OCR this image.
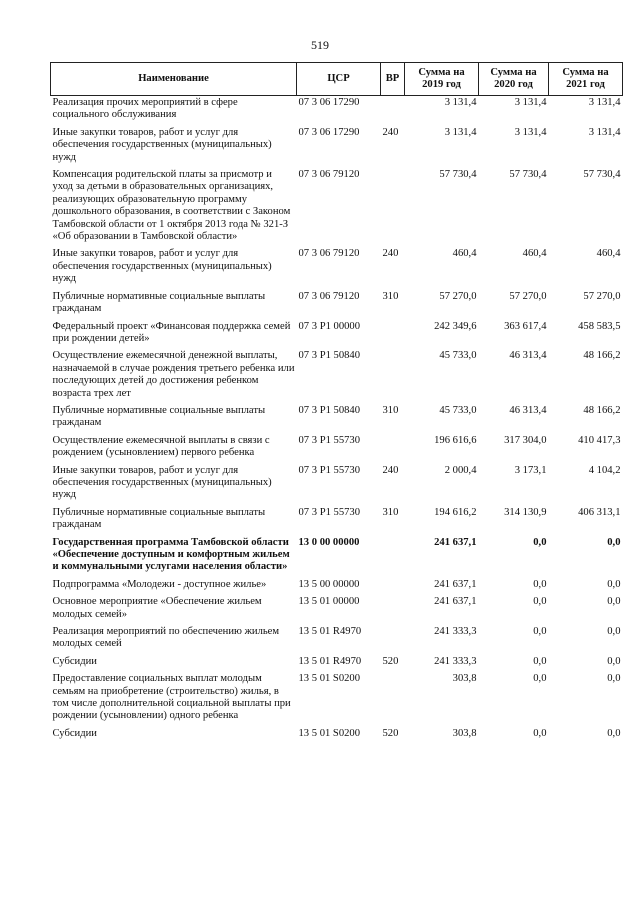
519
Наименование	ЦСР	ВР	Сумма на 2019 год	Сумма на 2020 год	Сумма на 2021 год
Реализация прочих мероприятий в сфере социального обслуживания	07 3 06 17290		3 131,4	3 131,4	3 131,4
Иные закупки товаров, работ и услуг для обеспечения государственных (муниципальных) нужд	07 3 06 17290	240	3 131,4	3 131,4	3 131,4
Компенсация родительской платы за присмотр и уход за детьми в образовательных организациях, реализующих образовательную программу дошкольного образования, в соответствии с Законом Тамбовской области от 1 октября 2013 года № 321-З «Об образовании в Тамбовской области»	07 3 06 79120		57 730,4	57 730,4	57 730,4
Иные закупки товаров, работ и услуг для обеспечения государственных (муниципальных) нужд	07 3 06 79120	240	460,4	460,4	460,4
Публичные нормативные социальные выплаты гражданам	07 3 06 79120	310	57 270,0	57 270,0	57 270,0
Федеральный проект «Финансовая поддержка семей при рождении детей»	07 3 P1 00000		242 349,6	363 617,4	458 583,5
Осуществление ежемесячной денежной выплаты, назначаемой в случае рождения третьего ребенка или последующих детей до достижения ребенком возраста трех лет	07 3 P1 50840		45 733,0	46 313,4	48 166,2
Публичные нормативные социальные выплаты гражданам	07 3 P1 50840	310	45 733,0	46 313,4	48 166,2
Осуществление ежемесячной выплаты в связи с рождением (усыновлением) первого ребенка	07 3 P1 55730		196 616,6	317 304,0	410 417,3
Иные закупки товаров, работ и услуг для обеспечения государственных (муниципальных) нужд	07 3 P1 55730	240	2 000,4	3 173,1	4 104,2
Публичные нормативные социальные выплаты гражданам	07 3 P1 55730	310	194 616,2	314 130,9	406 313,1
Государственная программа Тамбовской области «Обеспечение доступным и комфортным жильем и коммунальными услугами населения области»	13 0 00 00000		241 637,1	0,0	0,0
Подпрограмма «Молодежи - доступное жилье»	13 5 00 00000		241 637,1	0,0	0,0
Основное мероприятие «Обеспечение жильем молодых семей»	13 5 01 00000		241 637,1	0,0	0,0
Реализация мероприятий по обеспечению жильем молодых семей	13 5 01 R4970		241 333,3	0,0	0,0
Субсидии	13 5 01 R4970	520	241 333,3	0,0	0,0
Предоставление социальных выплат молодым семьям на приобретение (строительство) жилья, в том числе дополнительной социальной выплаты при рождении (усыновлении) одного ребенка	13 5 01 S0200		303,8	0,0	0,0
Субсидии	13 5 01 S0200	520	303,8	0,0	0,0
